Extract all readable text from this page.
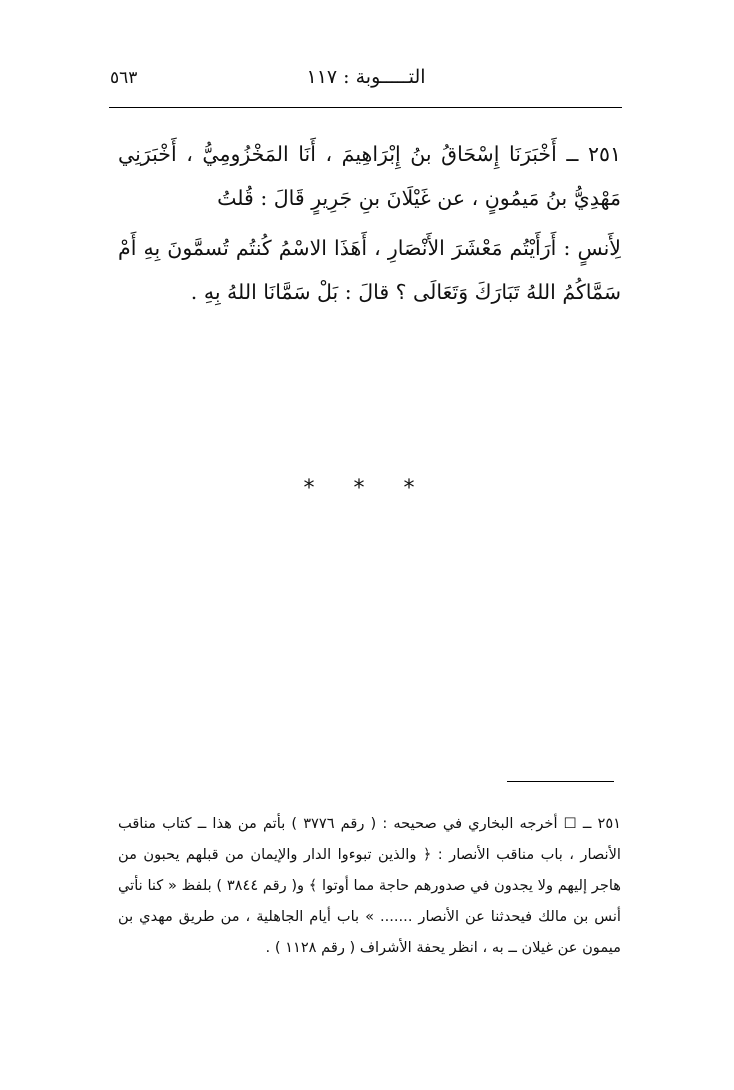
٥٦٣	التـــــوبة : ١١٧

٢٥١ ــ أَخْبَرَنَا إِسْحَاقُ بنُ إِبْرَاهِيمَ ، أَنَا المَخْزُومِيُّ ، أَخْبَرَنِي مَهْدِيُّ بنُ مَيمُونٍ ، عن غَيْلَانَ بنِ جَرِيرٍ قَالَ : قُلتُ

لِأَنسٍ : أَرَأَيْتُم مَعْشَرَ الأَنْصَارِ ، أَهَذَا الاسْمُ كُنتُم تُسمَّونَ بِهِ أَمْ سَمَّاكُمُ اللهُ تَبَارَكَ وَتَعَالَى ؟ قالَ : بَلْ سَمَّانَا اللهُ بِهِ .

* * *
٢٥١ ــ ☐ أخرجه البخاري في صحيحه : ( رقم ٣٧٧٦ ) بأتم من هذا ــ كتاب مناقب الأنصار ، باب مناقب الأنصار : ﴿ والذين تبوءوا الدار والإيمان من قبلهم يحبون من هاجر إليهم ولا يجدون في صدورهم حاجة مما أوتوا ﴾ و( رقم ٣٨٤٤ ) بلفظ « كنا نأتي أنس بن مالك فيحدثنا عن الأنصار ....... » باب أيام الجاهلية ، من طريق مهدي بن ميمون عن غيلان ــ به ، انظر يحفة الأشراف ( رقم ١١٢٨ ) .
